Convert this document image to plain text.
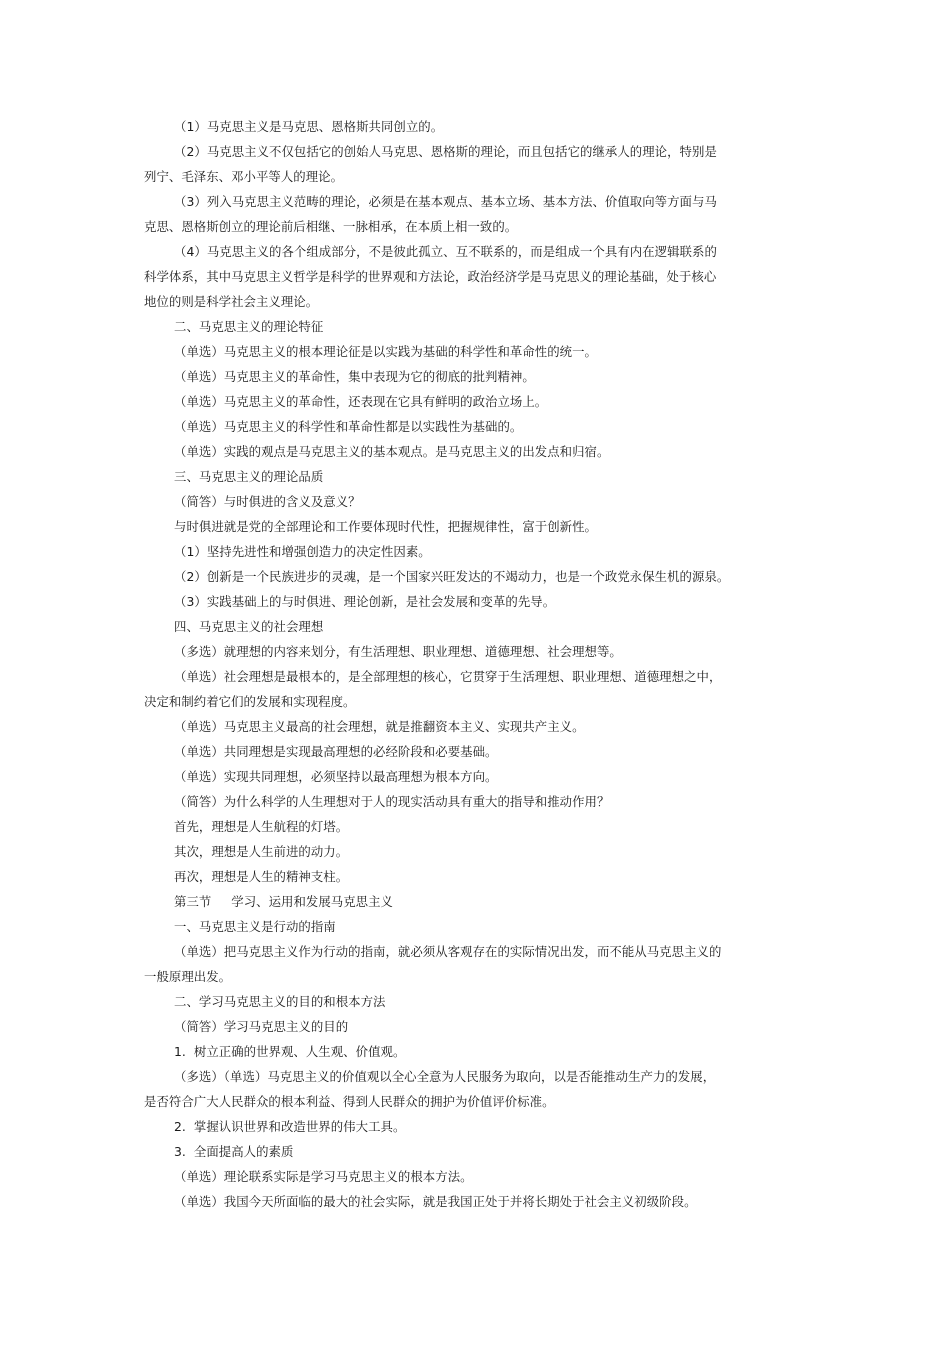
（1）马克思主义是马克思、恩格斯共同创立的。
（2）马克思主义不仅包括它的创始人马克思、恩格斯的理论，而且包括它的继承人的理论，特别是
列宁、毛泽东、邓小平等人的理论。
（3）列入马克思主义范畴的理论，必须是在基本观点、基本立场、基本方法、价值取向等方面与马
克思、恩格斯创立的理论前后相继、一脉相承，在本质上相一致的。
（4）马克思主义的各个组成部分，不是彼此孤立、互不联系的，而是组成一个具有内在逻辑联系的
科学体系，其中马克思主义哲学是科学的世界观和方法论，政治经济学是马克思义的理论基础，处于核心
地位的则是科学社会主义理论。
二、马克思主义的理论特征
（单选）马克思主义的根本理论征是以实践为基础的科学性和革命性的统一。
（单选）马克思主义的革命性，集中表现为它的彻底的批判精神。
（单选）马克思主义的革命性，还表现在它具有鲜明的政治立场上。
（单选）马克思主义的科学性和革命性都是以实践性为基础的。
（单选）实践的观点是马克思主义的基本观点。是马克思主义的出发点和归宿。
三、马克思主义的理论品质
（简答）与时俱进的含义及意义？
与时俱进就是党的全部理论和工作要体现时代性，把握规律性，富于创新性。
（1）坚持先进性和增强创造力的决定性因素。
（2）创新是一个民族进步的灵魂，是一个国家兴旺发达的不竭动力，也是一个政党永保生机的源泉。
（3）实践基础上的与时俱进、理论创新，是社会发展和变革的先导。
四、马克思主义的社会理想
（多选）就理想的内容来划分，有生活理想、职业理想、道德理想、社会理想等。
（单选）社会理想是最根本的，是全部理想的核心，它贯穿于生活理想、职业理想、道德理想之中，
决定和制约着它们的发展和实现程度。
（单选）马克思主义最高的社会理想，就是推翻资本主义、实现共产主义。
（单选）共同理想是实现最高理想的必经阶段和必要基础。
（单选）实现共同理想，必须坚持以最高理想为根本方向。
（简答）为什么科学的人生理想对于人的现实活动具有重大的指导和推动作用？
首先，理想是人生航程的灯塔。
其次，理想是人生前进的动力。
再次，理想是人生的精神支柱。
第三节     学习、运用和发展马克思主义
一、马克思主义是行动的指南
（单选）把马克思主义作为行动的指南，就必须从客观存在的实际情况出发，而不能从马克思主义的
一般原理出发。
二、学习马克思主义的目的和根本方法
（简答）学习马克思主义的目的
1.  树立正确的世界观、人生观、价值观。
（多选）（单选）马克思主义的价值观以全心全意为人民服务为取向，以是否能推动生产力的发展，
是否符合广大人民群众的根本利益、得到人民群众的拥护为价值评价标准。
2.  掌握认识世界和改造世界的伟大工具。
3.  全面提高人的素质
（单选）理论联系实际是学习马克思主义的根本方法。
（单选）我国今天所面临的最大的社会实际，就是我国正处于并将长期处于社会主义初级阶段。
